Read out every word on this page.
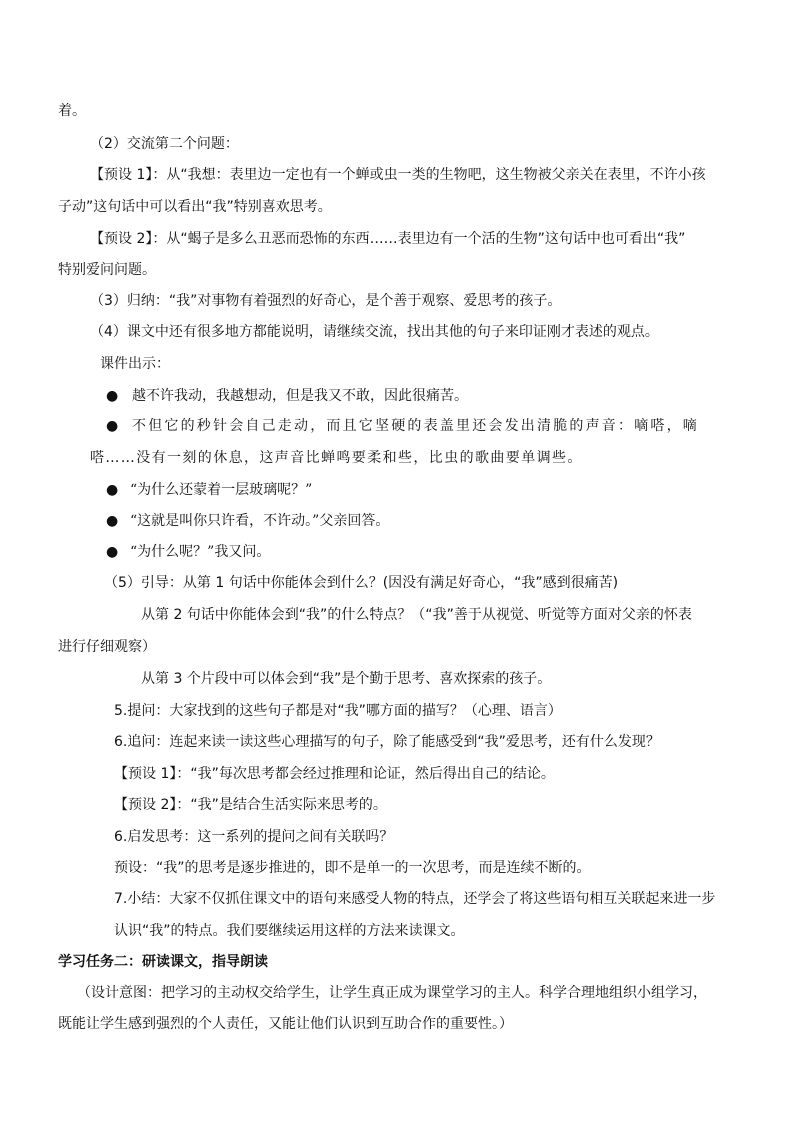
着。
（2）交流第二个问题：
【预设 1】：从“我想：表里边一定也有一个蝉或虫一类的生物吧，这生物被父亲关在表里，不许小孩
子动”这句话中可以看出“我”特别喜欢思考。
【预设 2】：从“蝎子是多么丑恶而恐怖的东西……表里边有一个活的生物”这句话中也可看出“我”
特别爱问问题。
（3）归纳：“我”对事物有着强烈的好奇心，是个善于观察、爱思考的孩子。
（4）课文中还有很多地方都能说明，请继续交流，找出其他的句子来印证刚才表述的观点。
课件出示：
● 越不许我动，我越想动，但是我又不敢，因此很痛苦。
● 不但它的秒针会自己走动，而且它坚硬的表盖里还会发出清脆的声音：嘀嗒，嘀
嗒……没有一刻的休息，这声音比蝉鸣要柔和些，比虫的歌曲要单调些。
● “为什么还蒙着一层玻璃呢？”
● “这就是叫你只许看，不许动。”父亲回答。
● “为什么呢？”我又问。
（5）引导：从第 1 句话中你能体会到什么？(因没有满足好奇心，“我”感到很痛苦)
从第 2 句话中你能体会到“我”的什么特点？（“我”善于从视觉、听觉等方面对父亲的怀表
进行仔细观察）
从第 3 个片段中可以体会到“我”是个勤于思考、喜欢探索的孩子。
5.提问：大家找到的这些句子都是对“我”哪方面的描写？（心理、语言）
6.追问：连起来读一读这些心理描写的句子，除了能感受到“我”爱思考，还有什么发现？
【预设 1】：“我”每次思考都会经过推理和论证，然后得出自己的结论。
【预设 2】：“我”是结合生活实际来思考的。
6.启发思考：这一系列的提问之间有关联吗？
预设：“我”的思考是逐步推进的，即不是单一的一次思考，而是连续不断的。
7.小结：大家不仅抓住课文中的语句来感受人物的特点，还学会了将这些语句相互关联起来进一步
认识“我”的特点。我们要继续运用这样的方法来读课文。
学习任务二：研读课文，指导朗读
（设计意图：把学习的主动权交给学生，让学生真正成为课堂学习的主人。科学合理地组织小组学习，
既能让学生感到强烈的个人责任，又能让他们认识到互助合作的重要性。）
